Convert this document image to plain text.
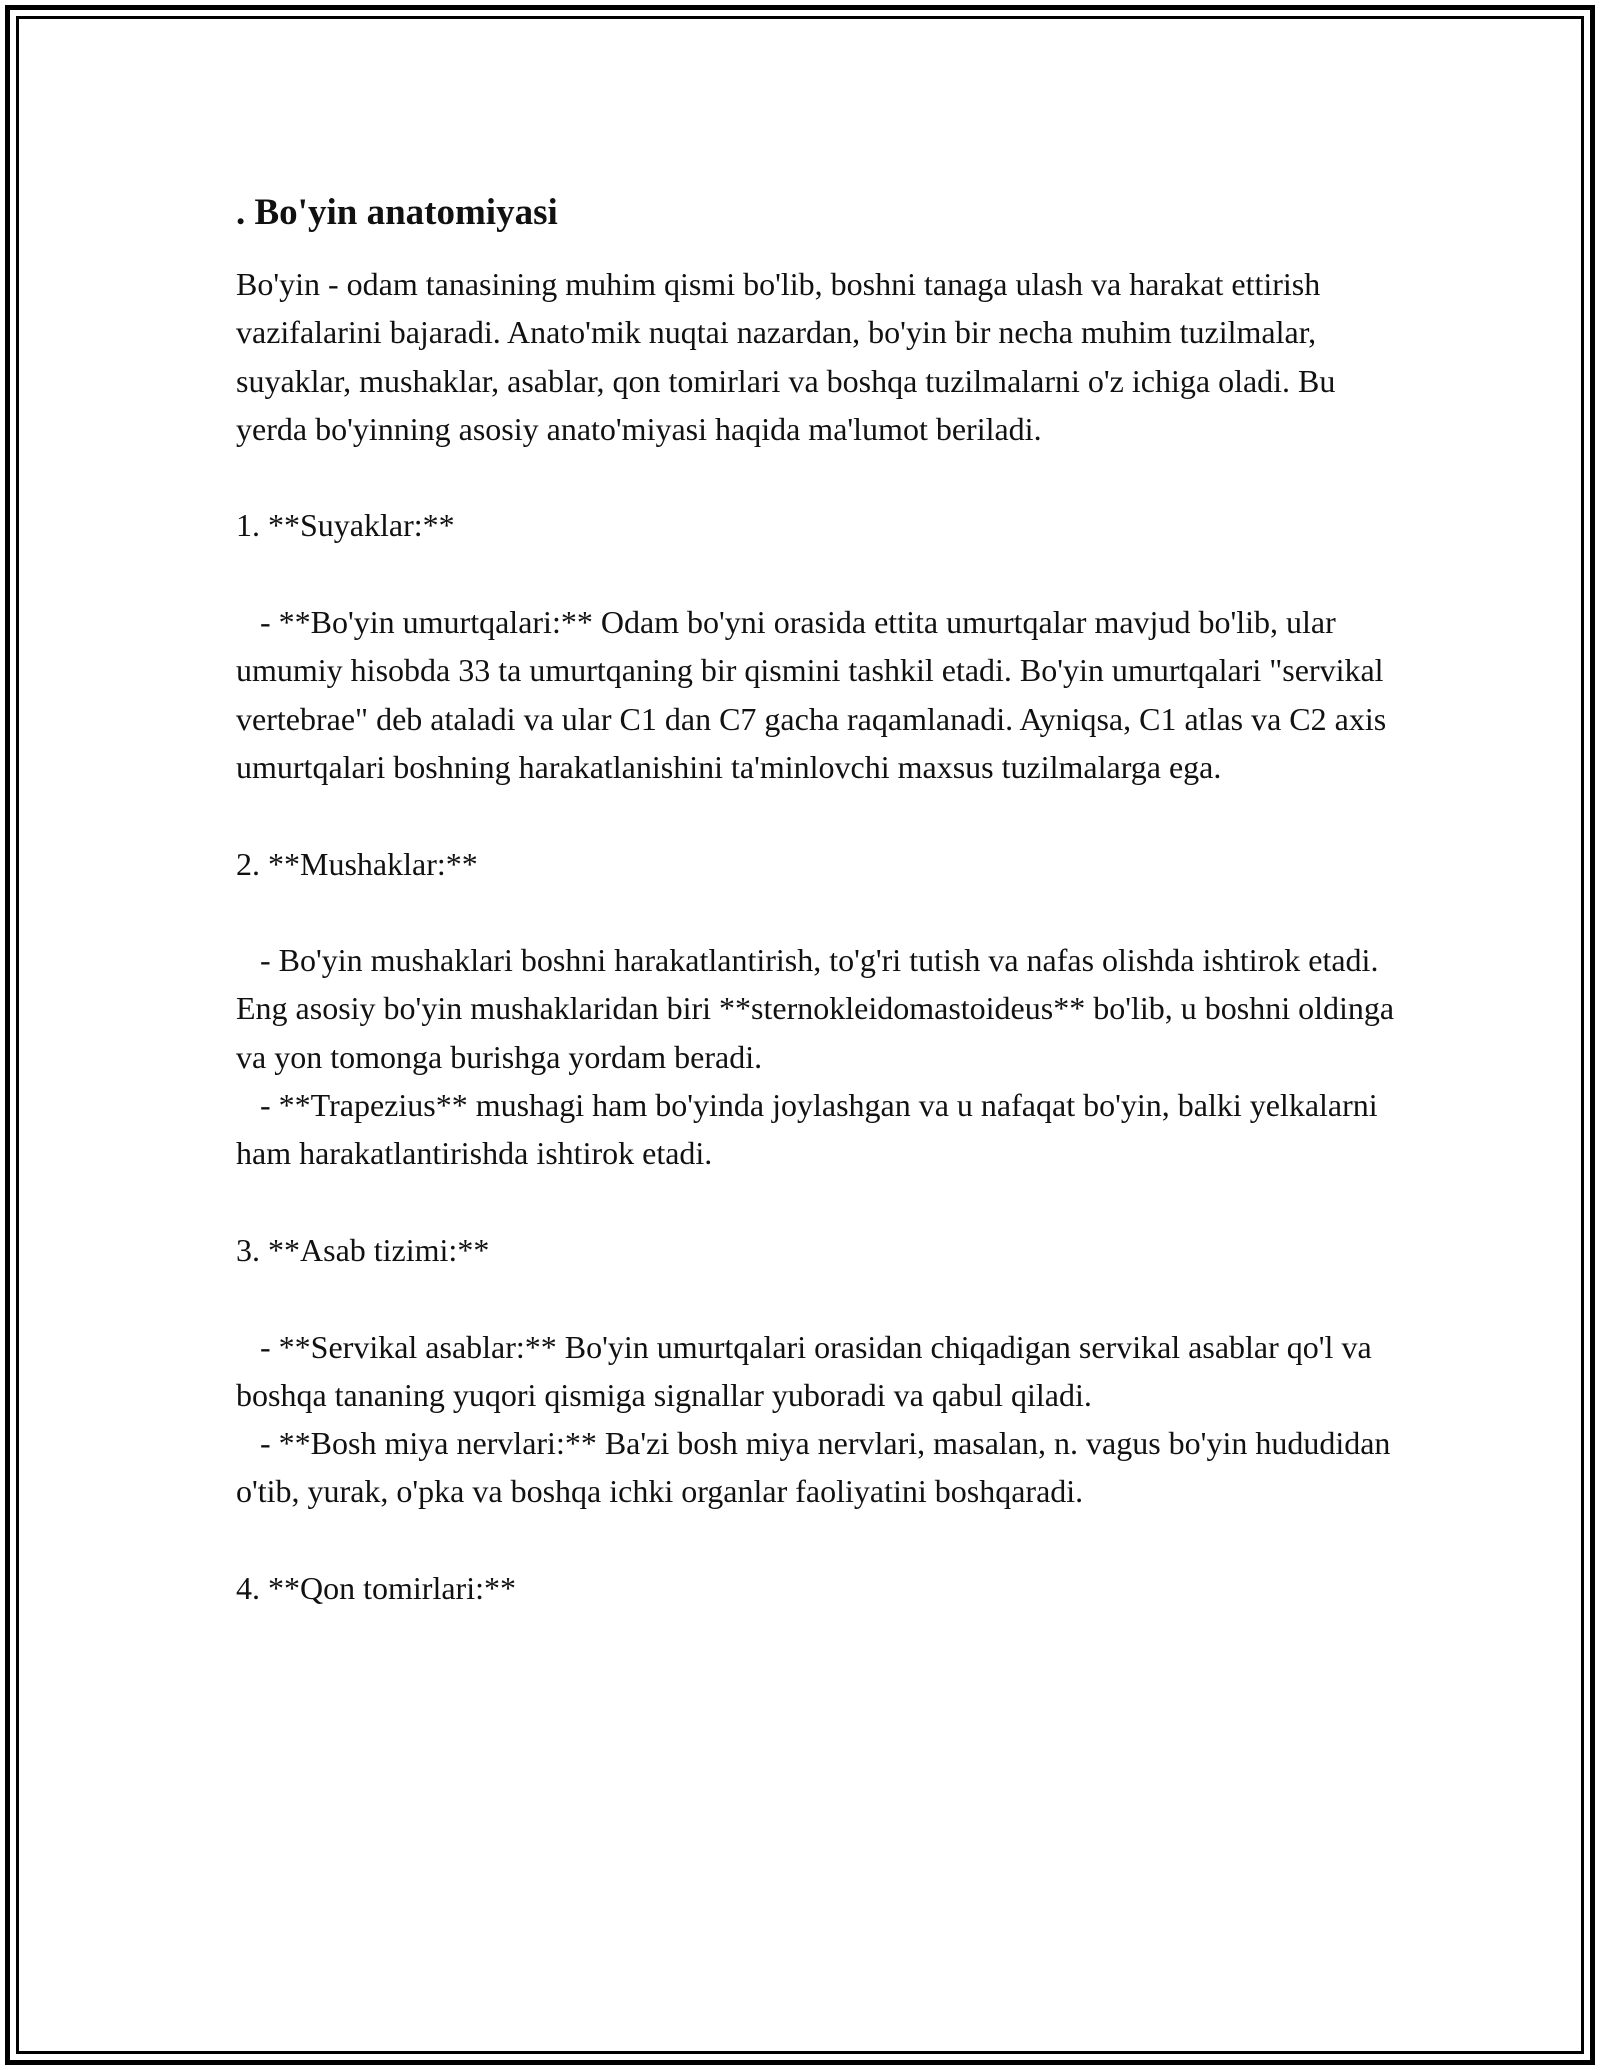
. Bo'yin anatomiyasi
Bo'yin - odam tanasining muhim qismi bo'lib, boshni tanaga ulash va harakat ettirish vazifalarini bajaradi. Anato'mik nuqtai nazardan, bo'yin bir necha muhim tuzilmalar, suyaklar, mushaklar, asablar, qon tomirlari va boshqa tuzilmalarni o'z ichiga oladi. Bu yerda bo'yinning asosiy anato'miyasi haqida ma'lumot beriladi.
1. **Suyaklar:**
- **Bo'yin umurtqalari:** Odam bo'yni orasida ettita umurtqalar mavjud bo'lib, ular umumiy hisobda 33 ta umurtqaning bir qismini tashkil etadi. Bo'yin umurtqalari "servikal vertebrae" deb ataladi va ular C1 dan C7 gacha raqamlanadi. Ayniqsa, C1 atlas va C2 axis umurtqalari boshning harakatlanishini ta'minlovchi maxsus tuzilmalarga ega.
2. **Mushaklar:**
- Bo'yin mushaklari boshni harakatlantirish, to'g'ri tutish va nafas olishda ishtirok etadi. Eng asosiy bo'yin mushaklaridan biri **sternokleidomastoideus** bo'lib, u boshni oldinga va yon tomonga burishga yordam beradi.
- **Trapezius** mushagi ham bo'yinda joylashgan va u nafaqat bo'yin, balki yelkalarni ham harakatlantirishda ishtirok etadi.
3. **Asab tizimi:**
- **Servikal asablar:** Bo'yin umurtqalari orasidan chiqadigan servikal asablar qo'l va boshqa tananing yuqori qismiga signallar yuboradi va qabul qiladi.
- **Bosh miya nervlari:** Ba'zi bosh miya nervlari, masalan, n. vagus bo'yin hududidan o'tib, yurak, o'pka va boshqa ichki organlar faoliyatini boshqaradi.
4. **Qon tomirlari:**
